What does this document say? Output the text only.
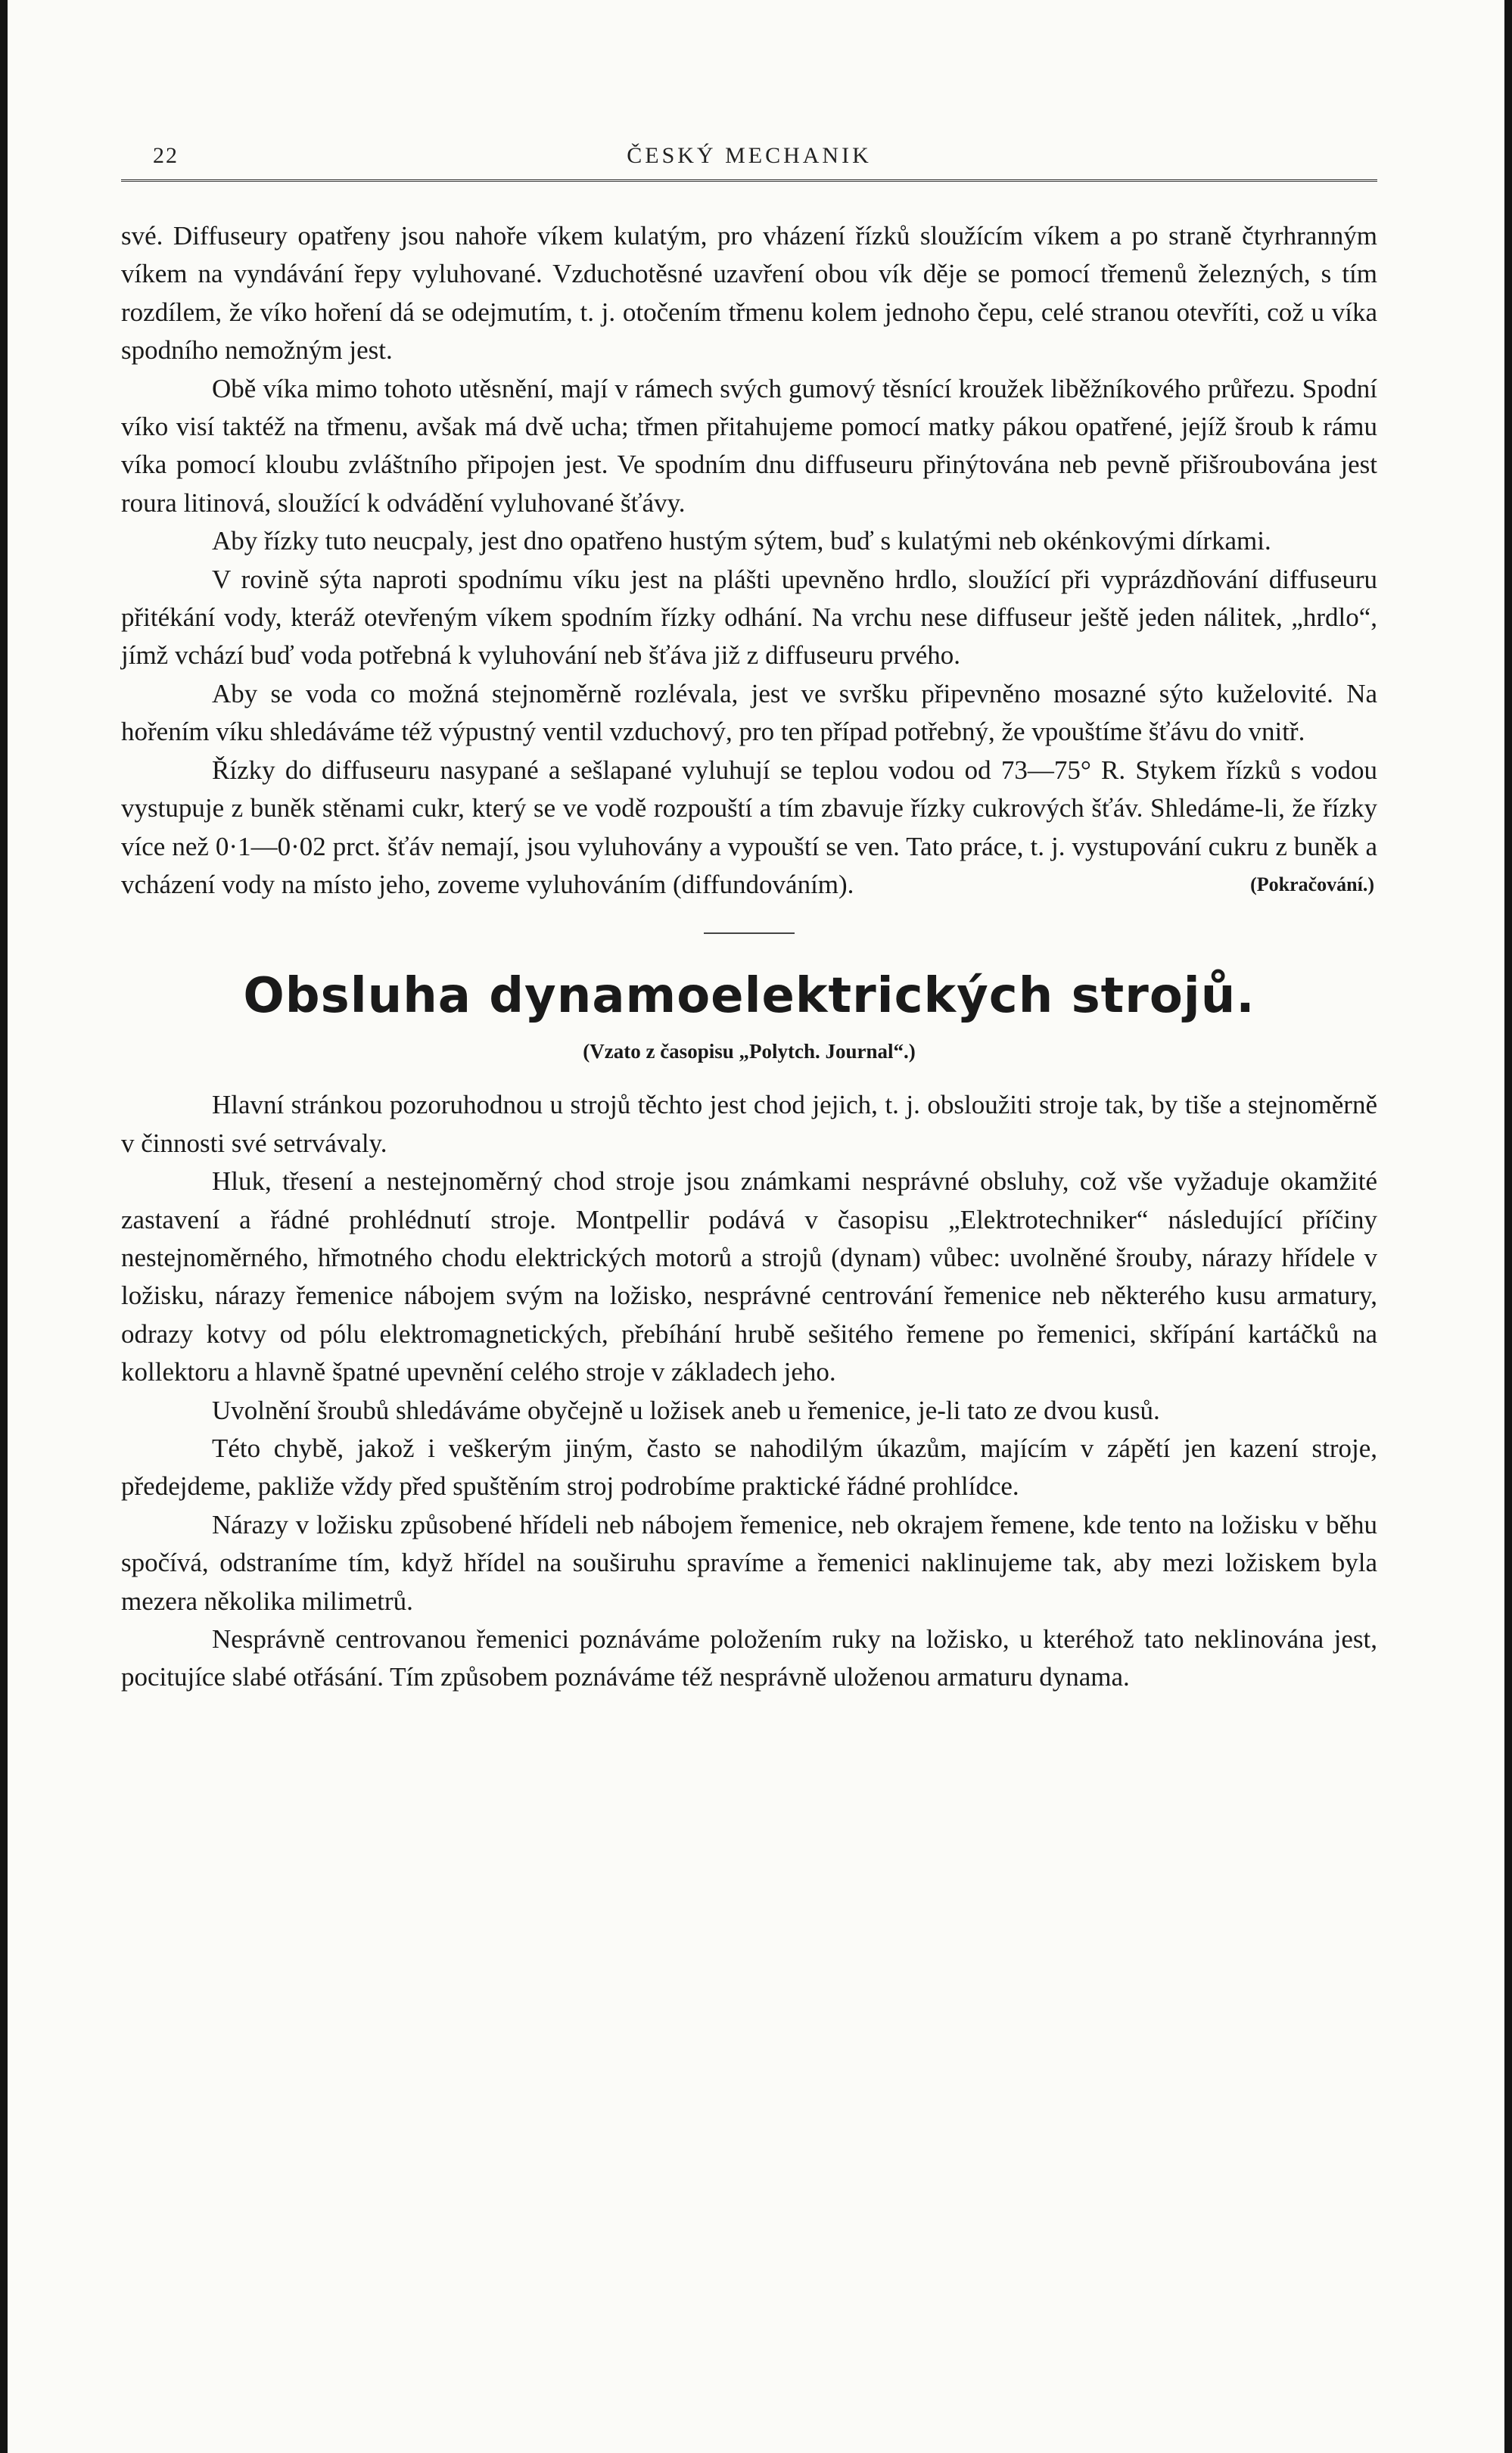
22	ČESKÝ MECHANIK

své. Diffuseury opatřeny jsou nahoře víkem kulatým, pro vházení řízků sloužícím víkem a po straně čtyrhranným víkem na vyndávání řepy vyluhované. Vzduchotěsné uzavření obou vík děje se pomocí třemenů železných, s tím rozdílem, že víko hoření dá se odejmutím, t. j. otočením třmenu kolem jednoho čepu, celé stranou otevříti, což u víka spodního nemožným jest.

Obě víka mimo tohoto utěsnění, mají v rámech svých gumový těsnící kroužek liběžníkového průřezu. Spodní víko visí taktéž na třmenu, avšak má dvě ucha; třmen přitahujeme pomocí matky pákou opatřené, jejíž šroub k rámu víka pomocí kloubu zvláštního připojen jest. Ve spodním dnu diffuseuru přinýtována neb pevně přišroubována jest roura litinová, sloužící k odvádění vyluhované šťávy.

Aby řízky tuto neucpaly, jest dno opatřeno hustým sýtem, buď s kulatými neb okénkovými dírkami.

V rovině sýta naproti spodnímu víku jest na plášti upevněno hrdlo, sloužící při vyprázdňování diffuseuru přitékání vody, kteráž otevřeným víkem spodním řízky odhání. Na vrchu nese diffuseur ještě jeden nálitek, „hrdlo“, jímž vchází buď voda potřebná k vyluhování neb šťáva již z diffuseuru prvého.

Aby se voda co možná stejnoměrně rozlévala, jest ve svršku připevněno mosazné sýto kuželovité. Na hořením víku shledáváme též výpustný ventil vzduchový, pro ten případ potřebný, že vpouštíme šťávu do vnitř.

Řízky do diffuseuru nasypané a sešlapané vyluhují se teplou vodou od 73—75° R. Stykem řízků s vodou vystupuje z buněk stěnami cukr, který se ve vodě rozpouští a tím zbavuje řízky cukrových šťáv. Shledáme-li, že řízky více než 0·1—0·02 prct. šťáv nemají, jsou vyluhovány a vypouští se ven. Tato práce, t. j. vystupování cukru z buněk a vcházení vody na místo jeho, zoveme vyluhováním (diffundováním).	(Pokračování.)
Obsluha dynamoelektrických strojů.
(Vzato z časopisu „Polytch. Journal“.)

Hlavní stránkou pozoruhodnou u strojů těchto jest chod jejich, t. j. obsloužiti stroje tak, by tiše a stejnoměrně v činnosti své setrvávaly.

Hluk, třesení a nestejnoměrný chod stroje jsou známkami nesprávné obsluhy, což vše vyžaduje okamžité zastavení a řádné prohlédnutí stroje. Montpellir podává v časopisu „Elektrotechniker“ následující příčiny nestejnoměrného, hřmotného chodu elektrických motorů a strojů (dynam) vůbec: uvolněné šrouby, nárazy hřídele v ložisku, nárazy řemenice nábojem svým na ložisko, nesprávné centrování řemenice neb některého kusu armatury, odrazy kotvy od pólu elektromagnetických, přebíhání hrubě sešitého řemene po řemenici, skřípání kartáčků na kollektoru a hlavně špatné upevnění celého stroje v základech jeho.

Uvolnění šroubů shledáváme obyčejně u ložisek aneb u řemenice, je-li tato ze dvou kusů.

Této chybě, jakož i veškerým jiným, často se nahodilým úkazům, majícím v zápětí jen kazení stroje, předejdeme, pakliže vždy před spuštěním stroj podrobíme praktické řádné prohlídce.

Nárazy v ložisku způsobené hřídeli neb nábojem řemenice, neb okrajem řemene, kde tento na ložisku v běhu spočívá, odstraníme tím, když hřídel na souširuhu spravíme a řemenici naklinujeme tak, aby mezi ložiskem byla mezera několika milimetrů.

Nesprávně centrovanou řemenici poznáváme položením ruky na ložisko, u kteréhož tato neklinována jest, pocitujíce slabé otřásání. Tím způsobem poznáváme též nesprávně uloženou armaturu dynama.
